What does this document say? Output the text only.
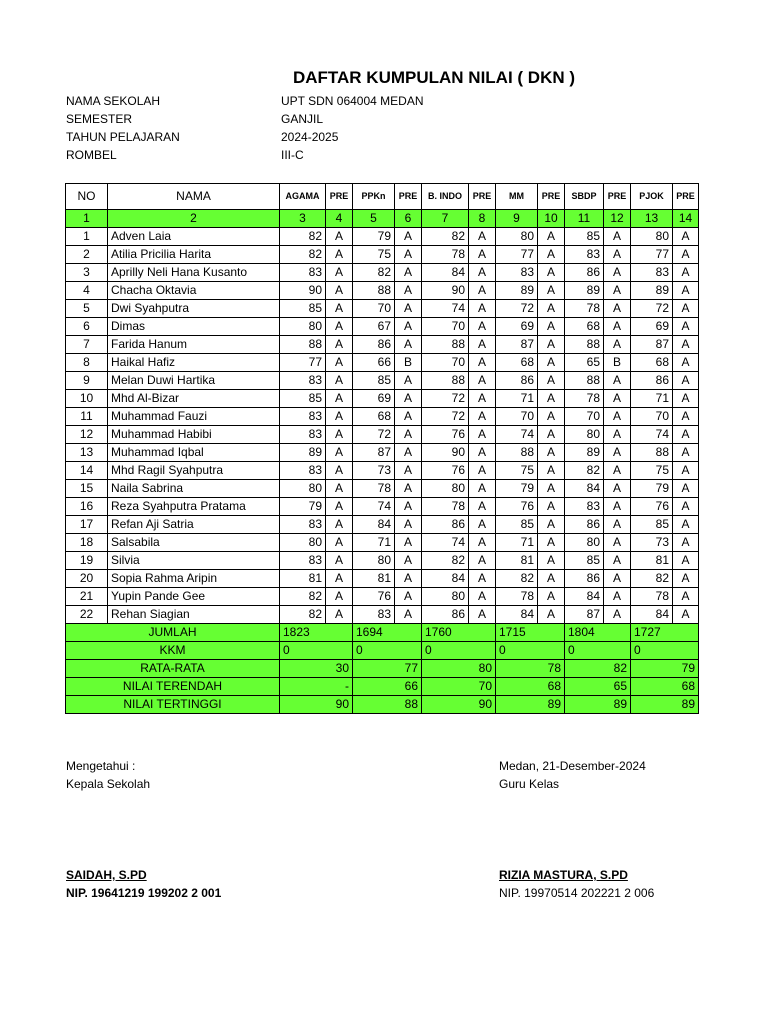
DAFTAR KUMPULAN NILAI ( DKN )
NAMA SEKOLAH	UPT SDN 064004 MEDAN
SEMESTER	GANJIL
TAHUN PELAJARAN	2024-2025
ROMBEL	III-C
NO	NAMA	AGAMA	PRE	PPKn	PRE	B. INDO	PRE	MM	PRE	SBDP	PRE	PJOK	PRE
1	2	3	4	5	6	7	8	9	10	11	12	13	14
1	Adven Laia	82	A	79	A	82	A	80	A	85	A	80	A
2	Atilia Pricilia Harita	82	A	75	A	78	A	77	A	83	A	77	A
3	Aprilly Neli Hana Kusanto	83	A	82	A	84	A	83	A	86	A	83	A
4	Chacha Oktavia	90	A	88	A	90	A	89	A	89	A	89	A
5	Dwi Syahputra	85	A	70	A	74	A	72	A	78	A	72	A
6	Dimas	80	A	67	A	70	A	69	A	68	A	69	A
7	Farida Hanum	88	A	86	A	88	A	87	A	88	A	87	A
8	Haikal Hafiz	77	A	66	B	70	A	68	A	65	B	68	A
9	Melan Duwi Hartika	83	A	85	A	88	A	86	A	88	A	86	A
10	Mhd Al-Bizar	85	A	69	A	72	A	71	A	78	A	71	A
11	Muhammad Fauzi	83	A	68	A	72	A	70	A	70	A	70	A
12	Muhammad Habibi	83	A	72	A	76	A	74	A	80	A	74	A
13	Muhammad Iqbal	89	A	87	A	90	A	88	A	89	A	88	A
14	Mhd Ragil Syahputra	83	A	73	A	76	A	75	A	82	A	75	A
15	Naila Sabrina	80	A	78	A	80	A	79	A	84	A	79	A
16	Reza Syahputra Pratama	79	A	74	A	78	A	76	A	83	A	76	A
17	Refan Aji Satria	83	A	84	A	86	A	85	A	86	A	85	A
18	Salsabila	80	A	71	A	74	A	71	A	80	A	73	A
19	Silvia	83	A	80	A	82	A	81	A	85	A	81	A
20	Sopia Rahma Aripin	81	A	81	A	84	A	82	A	86	A	82	A
21	Yupin Pande Gee	82	A	76	A	80	A	78	A	84	A	78	A
22	Rehan Siagian	82	A	83	A	86	A	84	A	87	A	84	A
JUMLAH		1823		1694		1760		1715		1804		1727	
KKM		0		0		0		0		0		0	
RATA-RATA		30		77		80		78		82		79	
NILAI TERENDAH		-		66		70		68		65		68	
NILAI TERTINGGI		90		88		90		89		89		89	
Mengetahui :
Kepala Sekolah
SAIDAH, S.PD
NIP. 19641219 199202 2 001
Medan, 21-Desember-2024
Guru Kelas
RIZIA MASTURA, S.PD
NIP. 19970514 202221 2 006
